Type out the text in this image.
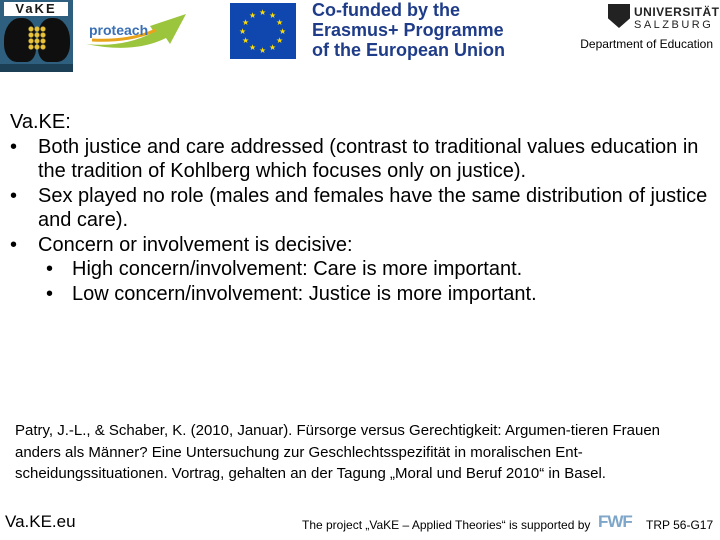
VaKE
proteach
★ ★
★
★
★
★
★
★
★
★
★
★	Co-funded by the
Erasmus+ Programme
of the European Union
UNIVERSITÄT
SALZBURG
Department of Education

Va.KE:

• Both justice and care addressed (contrast to traditional values education in the tradition of Kohlberg which focuses only on justice).
• Sex played no role (males and females have the same distribution of justice and care).
• Concern or involvement is decisive:
• High concern/involvement: Care is more important.
• Low concern/involvement: Justice is more important.
Patry, J.-L., & Schaber, K. (2010, Januar). Fürsorge versus Gerechtigkeit: Argumen-tieren Frauen anders als Männer? Eine Untersuchung zur Geschlechtsspezifität in moralischen Ent-scheidungssituationen. Vortrag, gehalten an der Tagung „Moral und Beruf 2010“ in Basel.
Va.KE.eu	The project „VaKE – Applied Theories“ is supported by FWF
	TRP 56-G17
